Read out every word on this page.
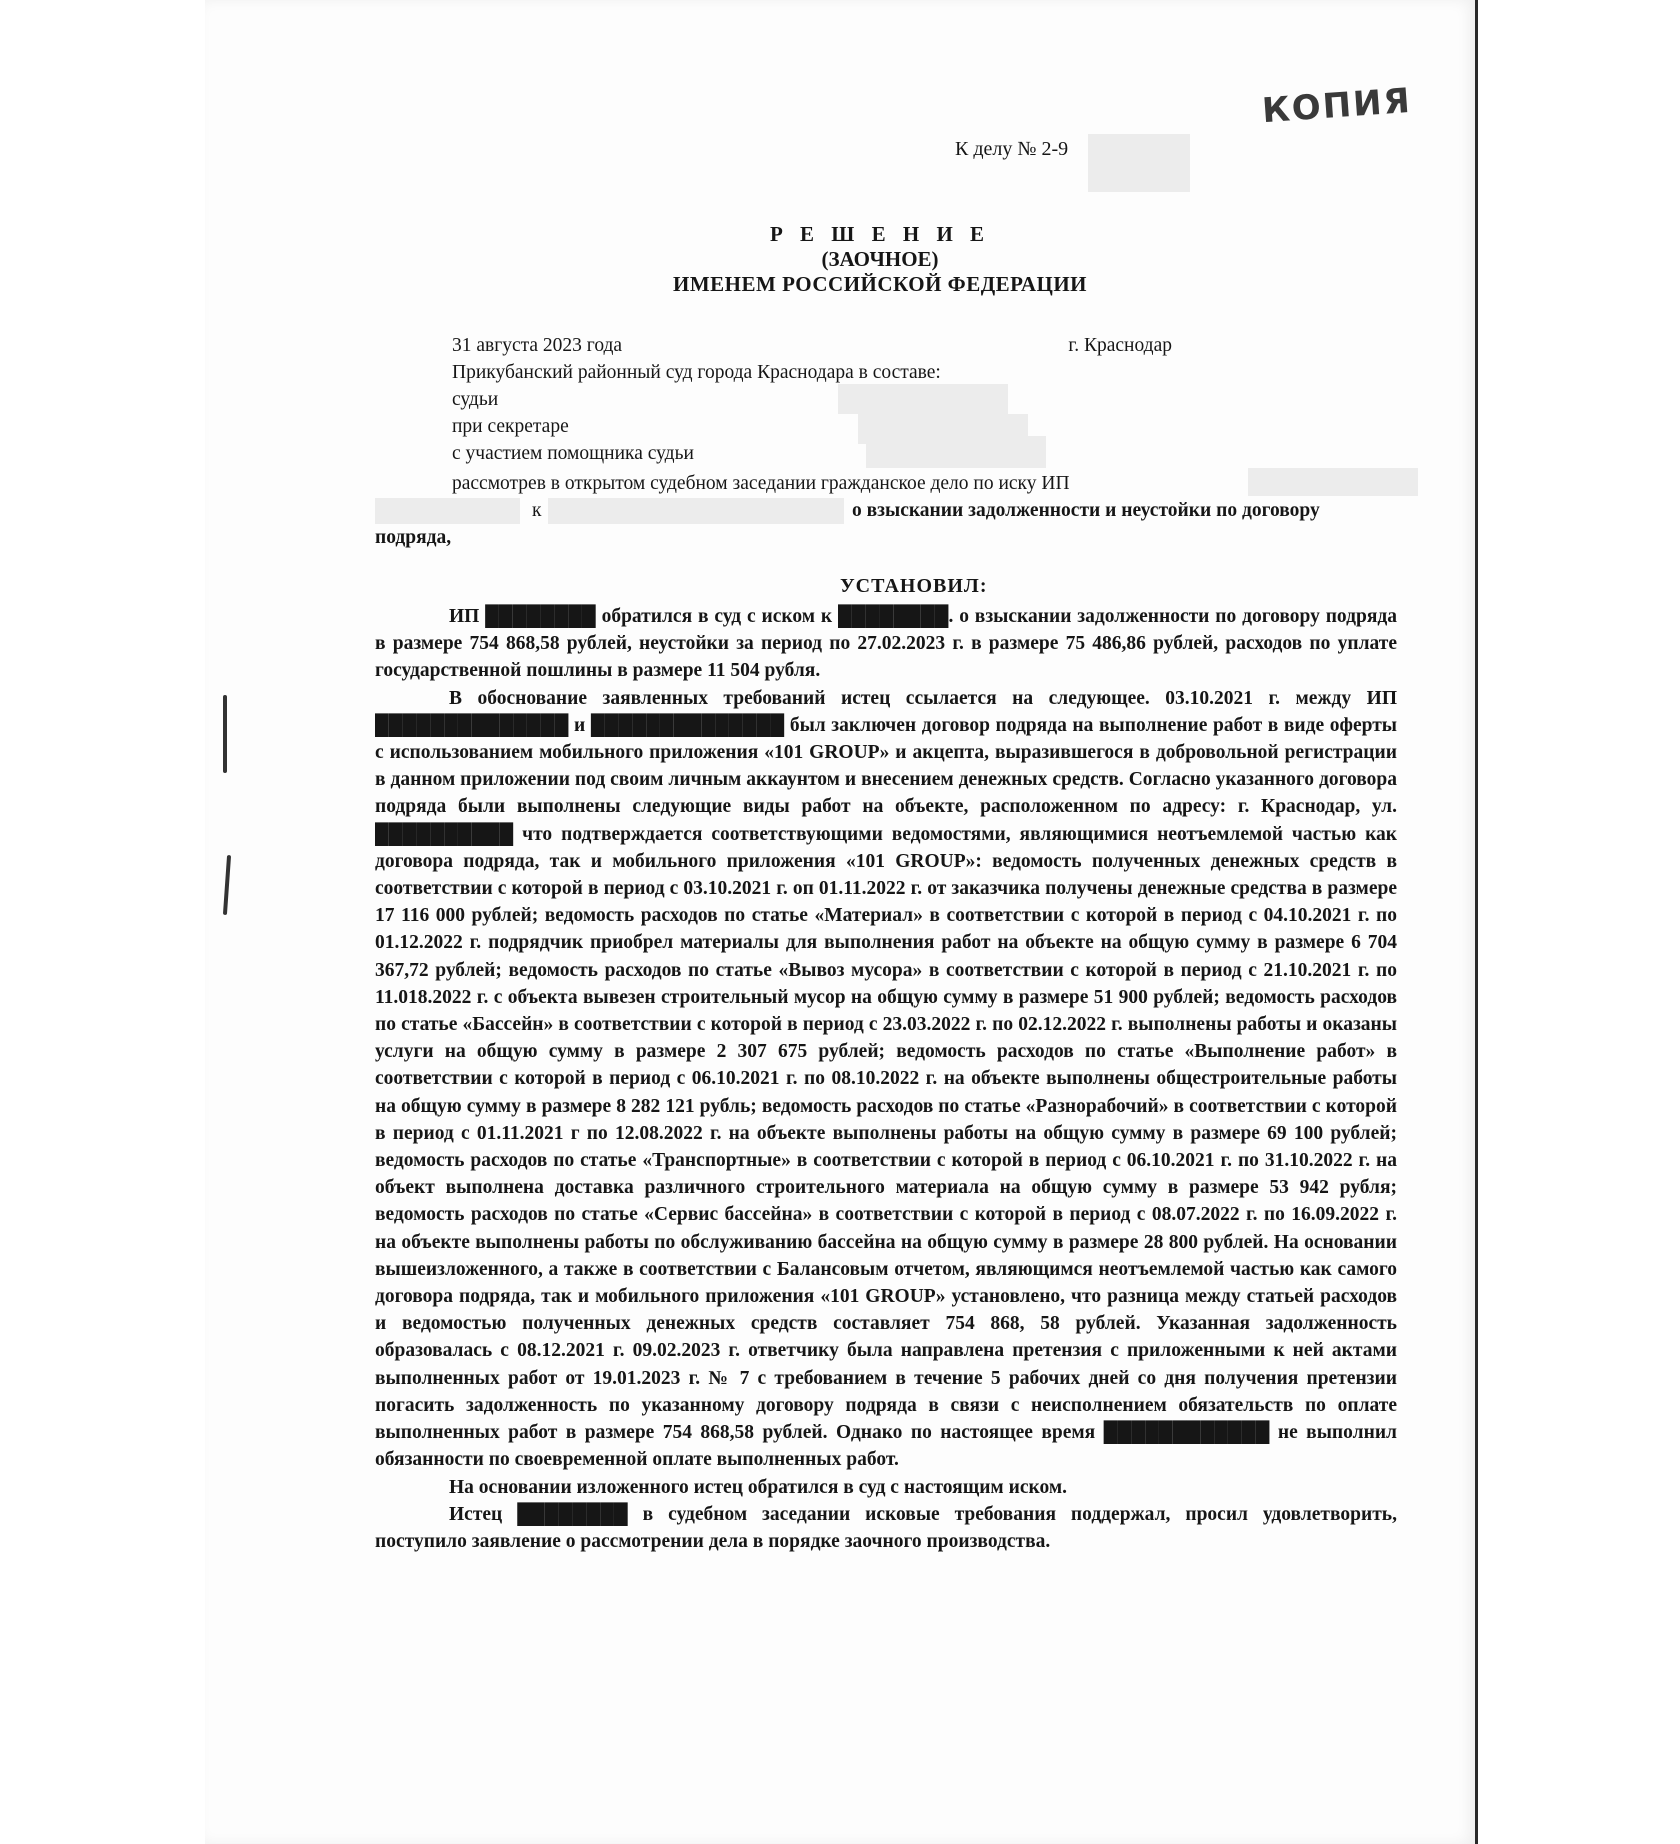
КОПИЯ
К делу № 2-9
Р Е Ш Е Н И Е
(ЗАОЧНОЕ)
ИМЕНЕМ РОССИЙСКОЙ ФЕДЕРАЦИИ
31 августа 2023 года	г. Краснодар
Прикубанский районный суд города Краснодара в составе:
судьи
при секретаре
с участием помощника судьи
рассмотрев в открытом судебном заседании гражданское дело по иску ИП
к	о взыскании задолженности и неустойки по договору
подряда,
УСТАНОВИЛ:

ИП ████████ обратился в суд с иском к ████████. о взыскании задолженности по договору подряда в размере 754 868,58 рублей, неустойки за период по 27.02.2023 г. в размере 75 486,86 рублей, расходов по уплате государственной пошлины в размере 11 504 рубля.

В обоснование заявленных требований истец ссылается на следующее. 03.10.2021 г. между ИП ██████████████ и ██████████████ был заключен договор подряда на выполнение работ в виде оферты с использованием мобильного приложения «101 GROUP» и акцепта, выразившегося в добровольной регистрации в данном приложении под своим личным аккаунтом и внесением денежных средств. Согласно указанного договора подряда были выполнены следующие виды работ на объекте, расположенном по адресу: г. Краснодар, ул. ██████████ что подтверждается соответствующими ведомостями, являющимися неотъемлемой частью как договора подряда, так и мобильного приложения «101 GROUP»: ведомость полученных денежных средств в соответствии с которой в период с 03.10.2021 г. оп 01.11.2022 г. от заказчика получены денежные средства в размере 17 116 000 рублей; ведомость расходов по статье «Материал» в соответствии с которой в период с 04.10.2021 г. по 01.12.2022 г. подрядчик приобрел материалы для выполнения работ на объекте на общую сумму в размере 6 704 367,72 рублей; ведомость расходов по статье «Вывоз мусора» в соответствии с которой в период с 21.10.2021 г. по 11.018.2022 г. с объекта вывезен строительный мусор на общую сумму в размере 51 900 рублей; ведомость расходов по статье «Бассейн» в соответствии с которой в период с 23.03.2022 г. по 02.12.2022 г. выполнены работы и оказаны услуги на общую сумму в размере 2 307 675 рублей; ведомость расходов по статье «Выполнение работ» в соответствии с которой в период с 06.10.2021 г. по 08.10.2022 г. на объекте выполнены общестроительные работы на общую сумму в размере 8 282 121 рубль; ведомость расходов по статье «Разнорабочий» в соответствии с которой в период с 01.11.2021 г по 12.08.2022 г. на объекте выполнены работы на общую сумму в размере 69 100 рублей; ведомость расходов по статье «Транспортные» в соответствии с которой в период с 06.10.2021 г. по 31.10.2022 г. на объект выполнена доставка различного строительного материала на общую сумму в размере 53 942 рубля; ведомость расходов по статье «Сервис бассейна» в соответствии с которой в период с 08.07.2022 г. по 16.09.2022 г. на объекте выполнены работы по обслуживанию бассейна на общую сумму в размере 28 800 рублей. На основании вышеизложенного, а также в соответствии с Балансовым отчетом, являющимся неотъемлемой частью как самого договора подряда, так и мобильного приложения «101 GROUP» установлено, что разница между статьей расходов и ведомостью полученных денежных средств составляет 754 868, 58 рублей. Указанная задолженность образовалась с 08.12.2021 г. 09.02.2023 г. ответчику была направлена претензия с приложенными к ней актами выполненных работ от 19.01.2023 г. № 7 с требованием в течение 5 рабочих дней со дня получения претензии погасить задолженность по указанному договору подряда в связи с неисполнением обязательств по оплате выполненных работ в размере 754 868,58 рублей. Однако по настоящее время ████████████ не выполнил обязанности по своевременной оплате выполненных работ.

На основании изложенного истец обратился в суд с настоящим иском.

Истец ████████ в судебном заседании исковые требования поддержал, просил удовлетворить, поступило заявление о рассмотрении дела в порядке заочного производства.
